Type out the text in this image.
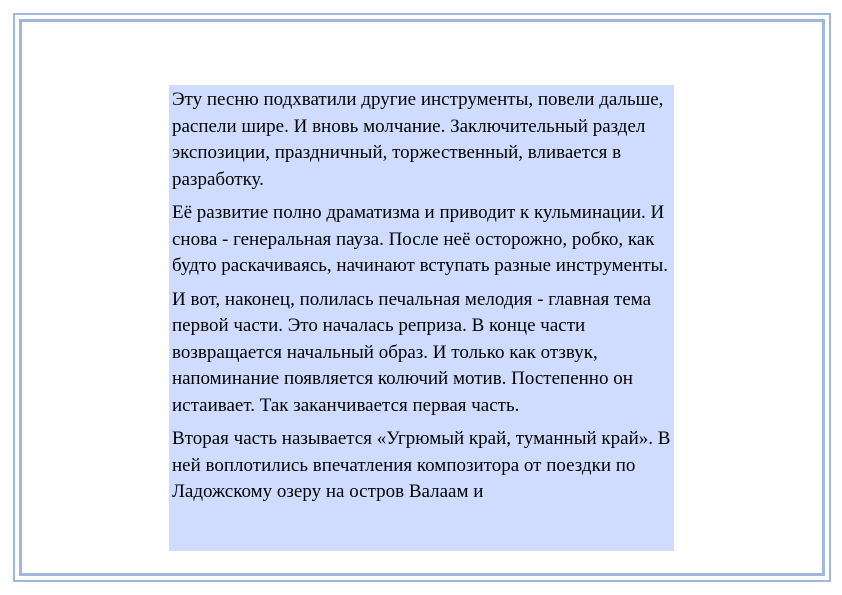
Эту песню подхватили другие инструменты, повели дальше, распели шире. И вновь молчание. Заключительный раздел экспозиции, праздничный, торжественный, вливается в разработку.

Её развитие полно драматизма и приводит к кульминации. И снова - генеральная пауза. После неё осторожно, робко, как будто раскачиваясь, начинают вступать разные инструменты.

И вот, наконец, полилась печальная мелодия - главная тема первой части. Это началась реприза. В конце части возвращается начальный образ. И только как отзвук, напоминание появляется колючий мотив. Постепенно он истаивает. Так заканчивается первая часть.

Вторая часть называется «Угрюмый край, туманный край». В ней воплотились впечатления композитора от поездки по Ладожскому озеру на остров Валаам и
